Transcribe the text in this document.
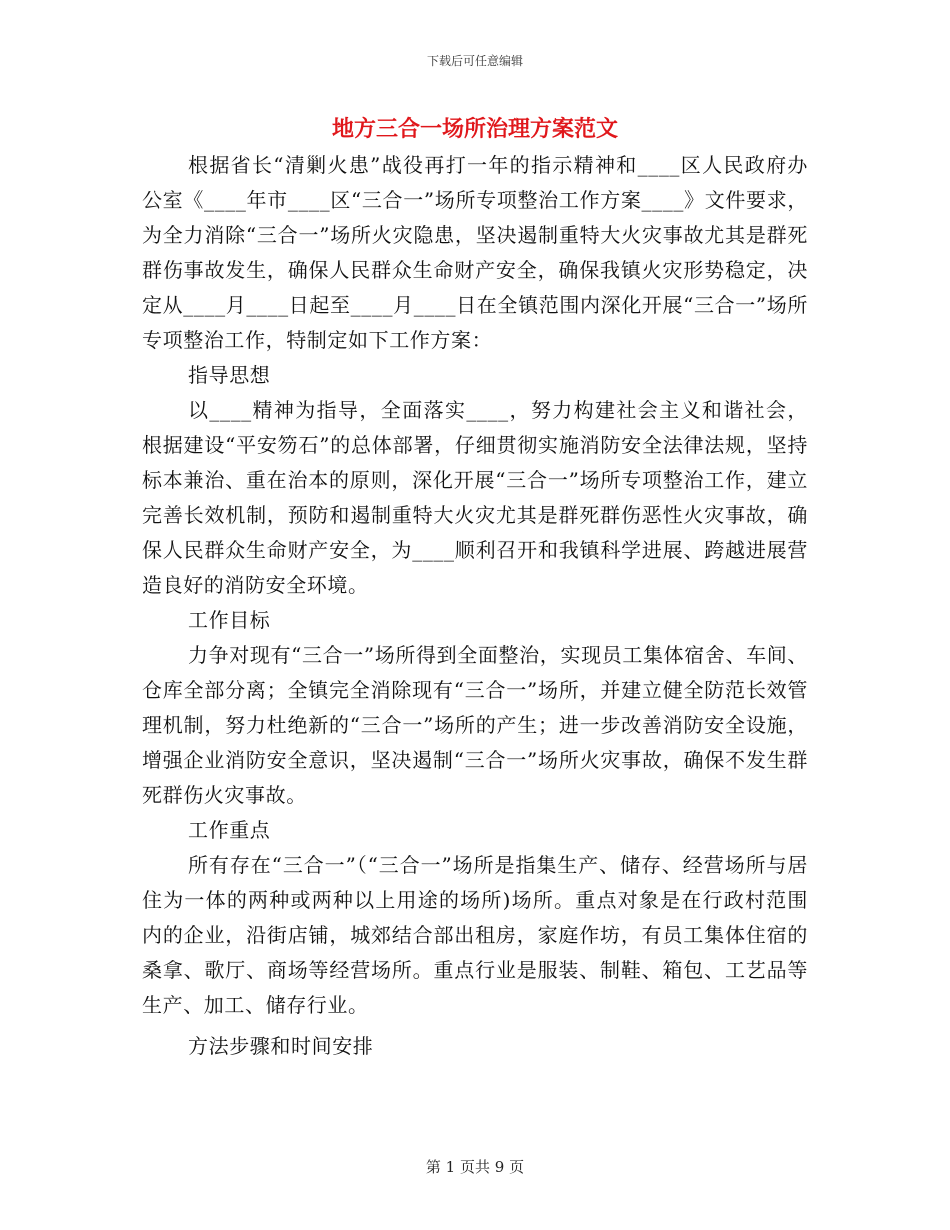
下载后可任意编辑
地方三合一场所治理方案范文

根据省长“清剿火患”战役再打一年的指示精神和____区人民政府办公室《____年市____区“三合一”场所专项整治工作方案____》文件要求，为全力消除“三合一”场所火灾隐患，坚决遏制重特大火灾事故尤其是群死群伤事故发生，确保人民群众生命财产安全，确保我镇火灾形势稳定，决定从____月____日起至____月____日在全镇范围内深化开展“三合一”场所专项整治工作，特制定如下工作方案：

指导思想

以____精神为指导，全面落实____，努力构建社会主义和谐社会，根据建设“平安笏石”的总体部署，仔细贯彻实施消防安全法律法规，坚持标本兼治、重在治本的原则，深化开展“三合一”场所专项整治工作，建立完善长效机制，预防和遏制重特大火灾尤其是群死群伤恶性火灾事故，确保人民群众生命财产安全，为____顺利召开和我镇科学进展、跨越进展营造良好的消防安全环境。

工作目标

力争对现有“三合一”场所得到全面整治，实现员工集体宿舍、车间、仓库全部分离；全镇完全消除现有“三合一”场所，并建立健全防范长效管理机制，努力杜绝新的“三合一”场所的产生；进一步改善消防安全设施，增强企业消防安全意识，坚决遏制“三合一”场所火灾事故，确保不发生群死群伤火灾事故。

工作重点

所有存在“三合一”（“三合一”场所是指集生产、储存、经营场所与居住为一体的两种或两种以上用途的场所)场所。重点对象是在行政村范围内的企业，沿街店铺，城郊结合部出租房，家庭作坊，有员工集体住宿的桑拿、歌厅、商场等经营场所。重点行业是服装、制鞋、箱包、工艺品等生产、加工、储存行业。

方法步骤和时间安排

第 1 页共 9 页
